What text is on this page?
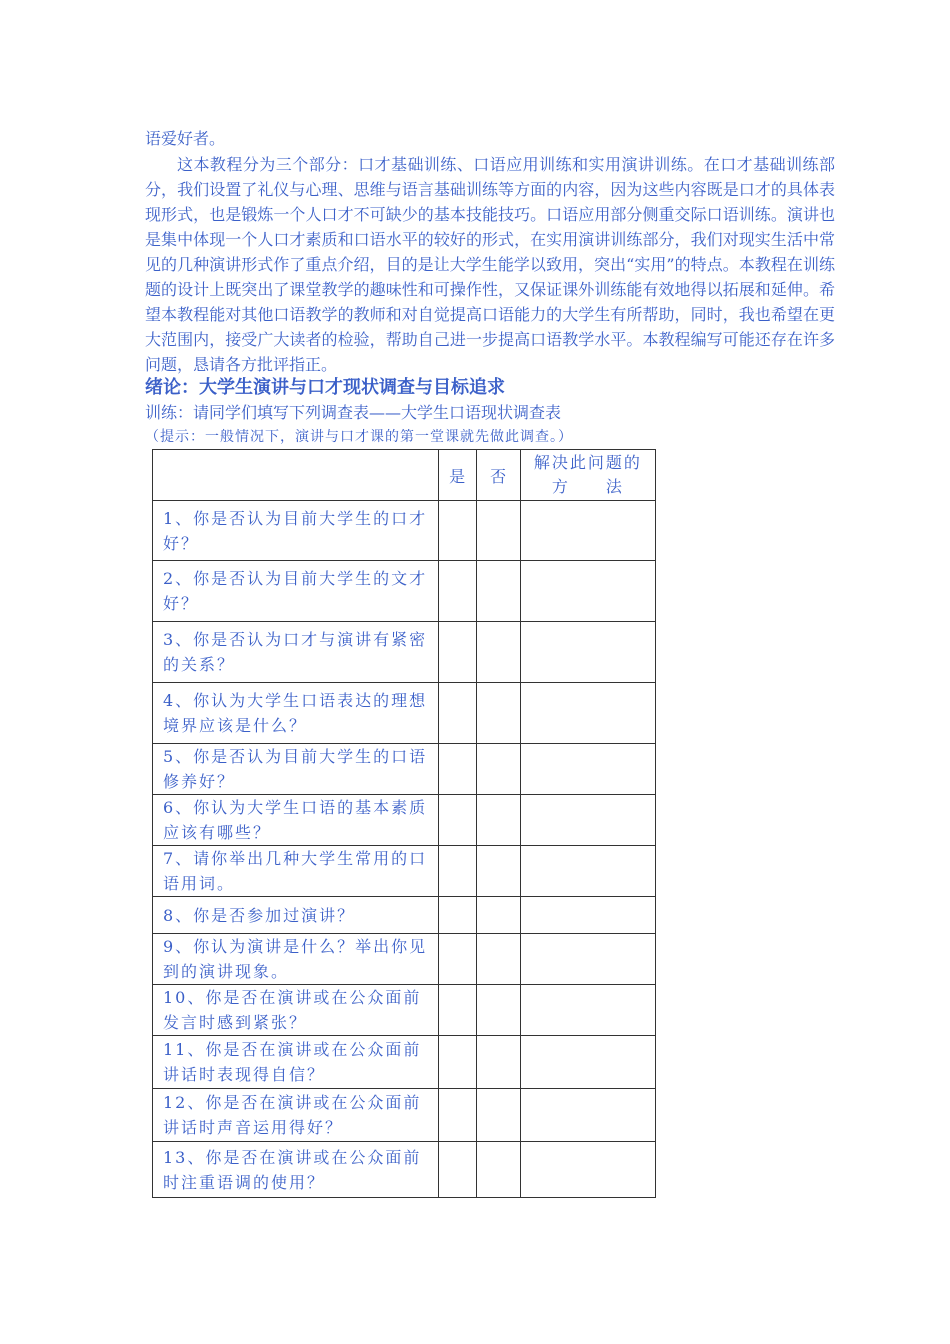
语爱好者。

这本教程分为三个部分：口才基础训练、口语应用训练和实用演讲训练。在口才基础训练部分，我们设置了礼仪与心理、思维与语言基础训练等方面的内容，因为这些内容既是口才的具体表现形式，也是锻炼一个人口才不可缺少的基本技能技巧。口语应用部分侧重交际口语训练。演讲也是集中体现一个人口才素质和口语水平的较好的形式，在实用演讲训练部分，我们对现实生活中常见的几种演讲形式作了重点介绍，目的是让大学生能学以致用，突出“实用”的特点。本教程在训练题的设计上既突出了课堂教学的趣味性和可操作性，又保证课外训练能有效地得以拓展和延伸。希望本教程能对其他口语教学的教师和对自觉提高口语能力的大学生有所帮助，同时，我也希望在更大范围内，接受广大读者的检验，帮助自己进一步提高口语教学水平。本教程编写可能还存在许多问题，恳请各方批评指正。

绪论：大学生演讲与口才现状调查与目标追求
训练：请同学们填写下列调查表——大学生口语现状调查表
（提示：一般情况下，演讲与口才课的第一堂课就先做此调查。）
	是	否	解决此问题的
方　　法

1、你是否认为目前大学生的口才好？			
2、你是否认为目前大学生的文才好？			
3、你是否认为口才与演讲有紧密的关系？			
4、你认为大学生口语表达的理想境界应该是什么？			
5、你是否认为目前大学生的口语修养好？			
6、你认为大学生口语的基本素质应该有哪些？			
7、请你举出几种大学生常用的口语用词。			
8、你是否参加过演讲？			
9、你认为演讲是什么？举出你见到的演讲现象。			
10、你是否在演讲或在公众面前发言时感到紧张？			
11、你是否在演讲或在公众面前讲话时表现得自信？			
12、你是否在演讲或在公众面前讲话时声音运用得好？			
13、你是否在演讲或在公众面前时注重语调的使用？			
